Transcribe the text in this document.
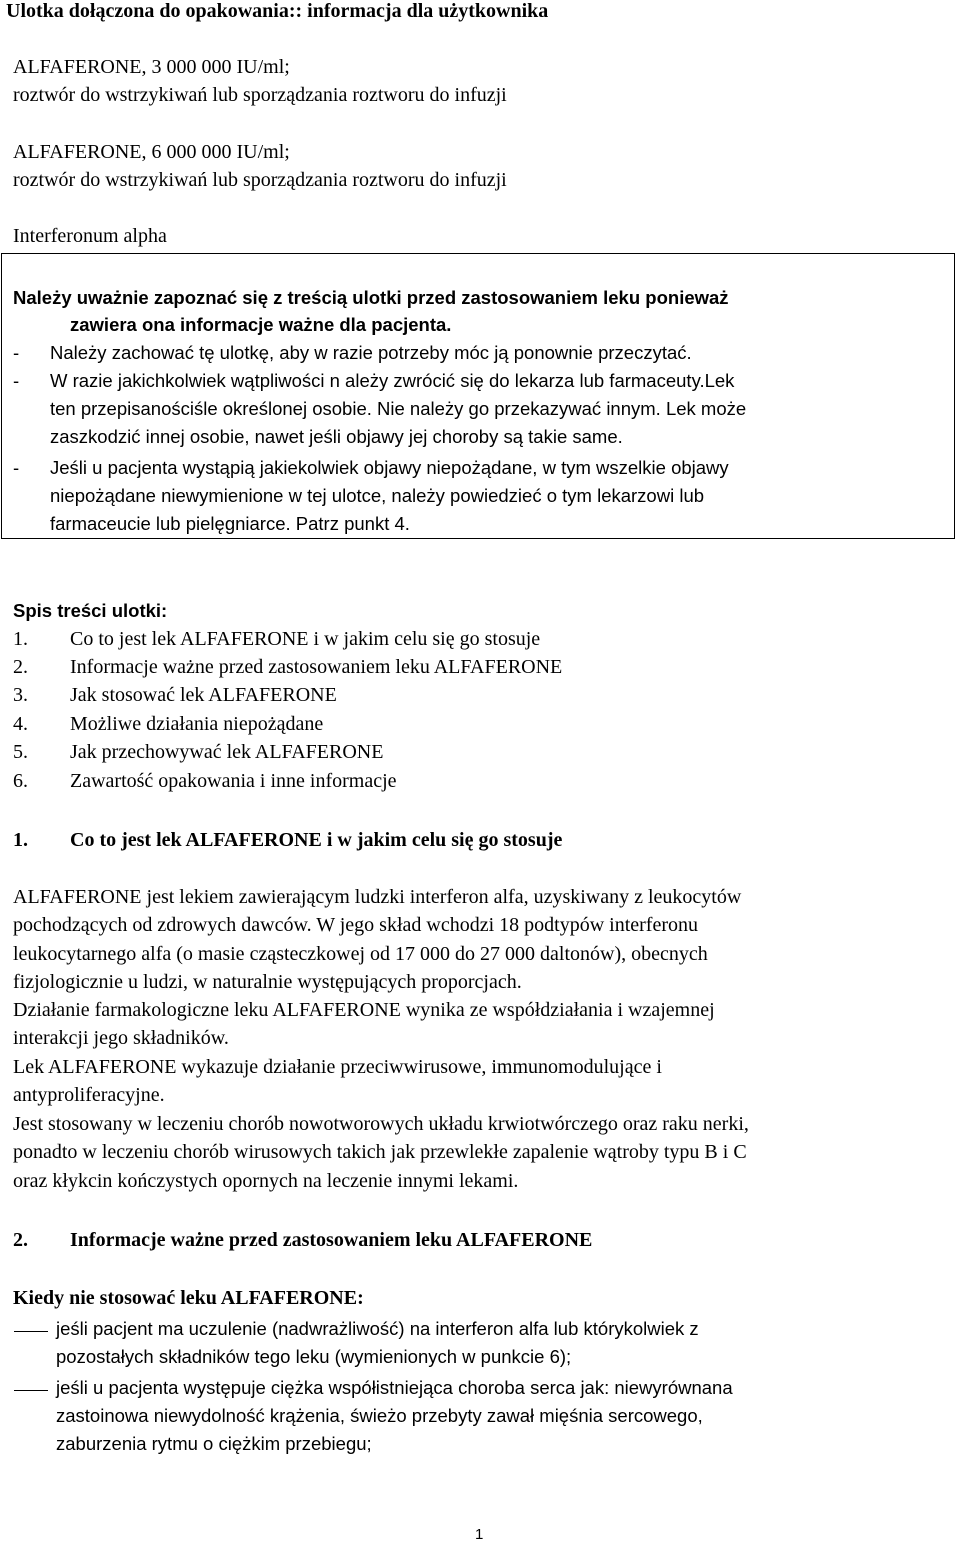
Ulotka dołączona do opakowania:: informacja dla użytkownika
ALFAFERONE, 3 000 000 IU/ml;
roztwór do wstrzykiwań lub sporządzania roztworu do infuzji
ALFAFERONE, 6 000 000 IU/ml;
roztwór do wstrzykiwań lub sporządzania roztworu do infuzji
Interferonum alpha
Należy uważnie zapoznać się z treścią ulotki przed zastosowaniem leku ponieważ
zawiera ona informacje ważne dla pacjenta.
- Należy zachować tę ulotkę, aby w razie potrzeby móc ją ponownie przeczytać.
- W razie jakichkolwiek wątpliwości n ależy zwrócić się do lekarza lub farmaceuty.Lek
ten przepisanościśle określonej osobie. Nie należy go przekazywać innym. Lek może
zaszkodzić innej osobie, nawet jeśli objawy jej choroby są takie same.
- Jeśli u pacjenta wystąpią jakiekolwiek objawy niepożądane, w tym wszelkie objawy
niepożądane niewymienione w tej ulotce, należy powiedzieć o tym lekarzowi lub
farmaceucie lub pielęgniarce. Patrz punkt 4.
Spis treści ulotki:
1. Co to jest lek ALFAFERONE i w jakim celu się go stosuje
2. Informacje ważne przed zastosowaniem leku ALFAFERONE
3. Jak stosować lek ALFAFERONE
4. Możliwe działania niepożądane
5. Jak przechowywać lek ALFAFERONE
6. Zawartość opakowania i inne informacje
1. Co to jest lek ALFAFERONE i w jakim celu się go stosuje
ALFAFERONE jest lekiem zawierającym ludzki interferon alfa, uzyskiwany z leukocytów
pochodzących od zdrowych dawców. W jego skład wchodzi 18 podtypów interferonu
leukocytarnego alfa (o masie cząsteczkowej od 17 000 do 27 000 daltonów), obecnych
fizjologicznie u ludzi, w naturalnie występujących proporcjach.
Działanie farmakologiczne leku ALFAFERONE wynika ze współdziałania i wzajemnej
interakcji jego składników.
Lek ALFAFERONE wykazuje działanie przeciwwirusowe, immunomodulujące i
antyproliferacyjne.
Jest stosowany w leczeniu chorób nowotworowych układu krwiotwórczego oraz raku nerki,
ponadto w leczeniu chorób wirusowych takich jak przewlekłe zapalenie wątroby typu B i C
oraz kłykcin kończystych opornych na leczenie innymi lekami.
2. Informacje ważne przed zastosowaniem leku ALFAFERONE
Kiedy nie stosować leku ALFAFERONE:
jeśli pacjent ma uczulenie (nadwrażliwość) na interferon alfa lub którykolwiek z
pozostałych składników tego leku (wymienionych w punkcie 6);
jeśli u pacjenta występuje ciężka współistniejąca choroba serca jak: niewyrównana
zastoinowa niewydolność krążenia, świeżo przebyty zawał mięśnia sercowego,
zaburzenia rytmu o ciężkim przebiegu;
1
